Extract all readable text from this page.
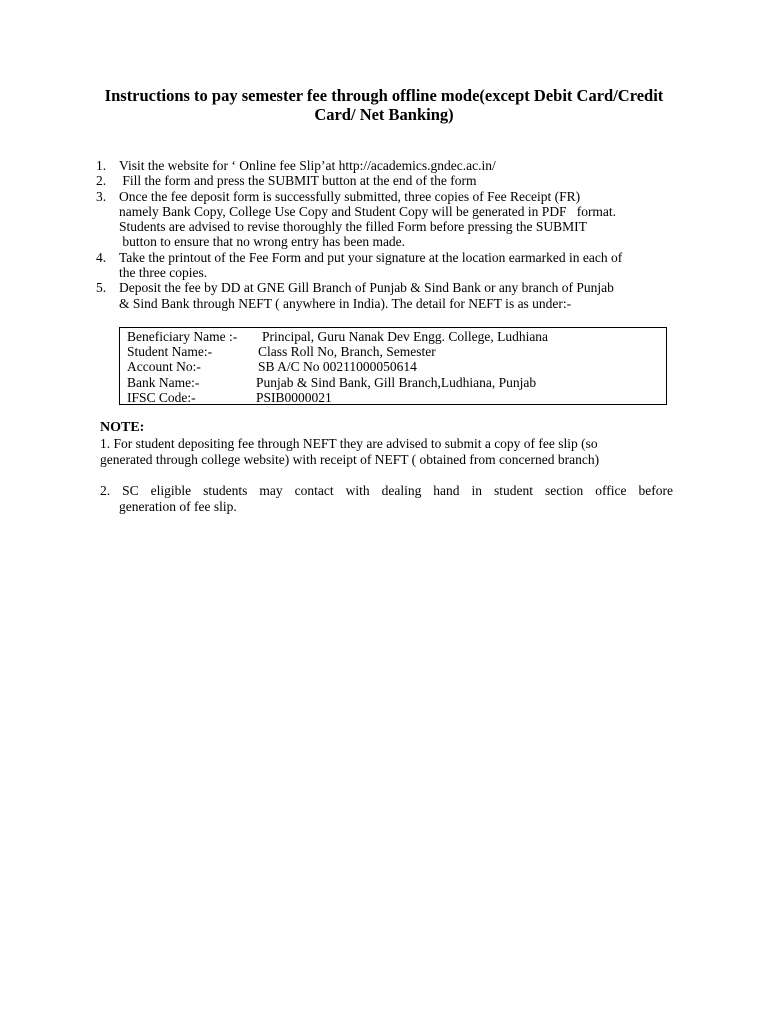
Instructions to pay semester fee through offline mode(except Debit Card/Credit
Card/ Net Banking)
1. Visit the website for ‘ Online fee Slip’at http://academics.gndec.ac.in/
2. Fill the form and press the SUBMIT button at the end of the form
3. Once the fee deposit form is successfully submitted, three copies of Fee Receipt (FR)
namely Bank Copy, College Use Copy and Student Copy will be generated in PDF   format.
Students are advised to revise thoroughly the filled Form before pressing the SUBMIT
button to ensure that no wrong entry has been made.
4. Take the printout of the Fee Form and put your signature at the location earmarked in each of
the three copies.
5. Deposit the fee by DD at GNE Gill Branch of Punjab & Sind Bank or any branch of Punjab
& Sind Bank through NEFT ( anywhere in India). The detail for NEFT is as under:-
Beneficiary Name :-	Principal, Guru Nanak Dev Engg. College, Ludhiana
Student Name:-	Class Roll No, Branch, Semester
Account No:-	SB A/C No 00211000050614
Bank Name:-	Punjab & Sind Bank, Gill Branch,Ludhiana, Punjab
IFSC Code:-	PSIB0000021
NOTE:
1. For student depositing fee through NEFT they are advised to submit a copy of fee slip (so
generated through college website) with receipt of NEFT ( obtained from concerned branch)
2. SC eligible students may contact with dealing hand in student section office before
generation of fee slip.
